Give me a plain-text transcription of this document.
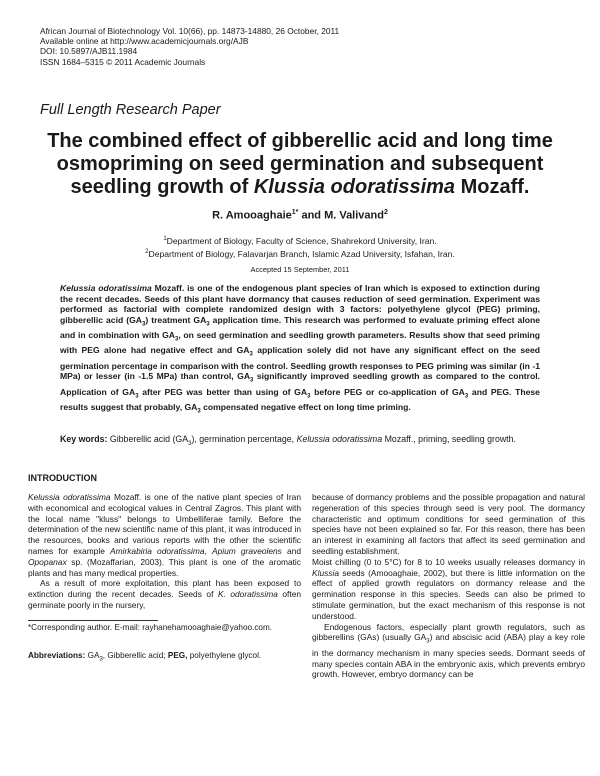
African Journal of Biotechnology Vol. 10(66), pp. 14873-14880, 26 October, 2011
Available online at http://www.academicjournals.org/AJB
DOI: 10.5897/AJB11.1984
ISSN 1684–5315 © 2011 Academic Journals
Full Length Research Paper
The combined effect of gibberellic acid and long time
osmopriming on seed germination and subsequent
seedling growth of Klussia odoratissima Mozaff.
R. Amooaghaie$^{1*}$ and M. Valivand$^2$
$^1$Department of Biology, Faculty of Science, Shahrekord University, Iran.
$^2$Department of Biology, Falavarjan Branch, Islamic Azad University, Isfahan, Iran.
Accepted 15 September, 2011
Kelussia odoratissima Mozaff. is one of the endogenous plant species of Iran which is exposed to extinction during the recent decades. Seeds of this plant have dormancy that causes reduction of seed germination. Experiment was performed as factorial with complete randomized design with 3 factors: polyethylene glycol (PEG) priming, gibberellic acid $(GA_3)$ treatment $GA_3$ application time. This research was performed to evaluate priming effect alone and in combination with $GA_3$, on seed germination and seedling growth parameters. Results show that seed priming with PEG alone had negative effect and $GA_3$ application solely did not have any significant effect on the seed germination percentage in comparison with the control. Seedling growth responses to PEG priming was similar (in -1 MPa) or lesser (in -1.5 MPa) than control, $GA_3$ significantly improved seedling growth as compared to the control. Application of $GA_3$ after PEG was better than using of $GA_3$ before PEG or co-application of $GA_3$ and PEG. These results suggest that probably, $GA_3$ compensated negative effect on long time priming.
Key words: Gibberellic acid $(GA_3)$, germination percentage, Kelussia odoratissima Mozaff., priming, seedling growth.
INTRODUCTION

Kelussia odoratissima Mozaff. is one of the native plant species of Iran with economical and ecological values in Central Zagros. This plant with the local name "kluss" belongs to Umbelliferae family. Before the determination of the new scientific name of this plant, it was introduced in the resources, books and various reports with the other the scientific names for example Amirkabiria odoratissima, Apium graveolens and Opopanax sp. (Mozaffarian, 2003). This plant is one of the aromatic plants and has many medical properties.

As a result of more exploitation, this plant has been exposed to extinction during the recent decades. Seeds of K. odoratissima often germinate poorly in the nursery,

because of dormancy problems and the possible propagation and natural regeneration of this species through seed is very pool. The dormancy characteristic and optimum conditions for seed germination of this species have not been explained so far. For this reason, there has been an interest in examining all factors that affect its seed germination and seedling establishment.

Moist chilling (0 to 5°C) for 8 to 10 weeks usually releases dormancy in Klussia seeds (Amooaghaie, 2002), but there is little information on the effect of applied growth regulators on dormancy release and the germination response in this species. Seeds can also be primed to stimulate germination, but the exact mechanism of this response is not understood.

Endogenous factors, especially plant growth regulators, such as gibberellins (GAs) (usually $GA_3$) and abscisic acid (ABA) play a key role in the dormancy mechanism in many species seeds. Dormant seeds of many species contain ABA in the embryonic axis, which prevents embryo growth. However, embryo dormancy can be

*Corresponding author. E-mail: rayhanehamooaghaie@yahoo.com.
Abbreviations: $GA_3$, Gibberellic acid; PEG, polyethylene glycol.
